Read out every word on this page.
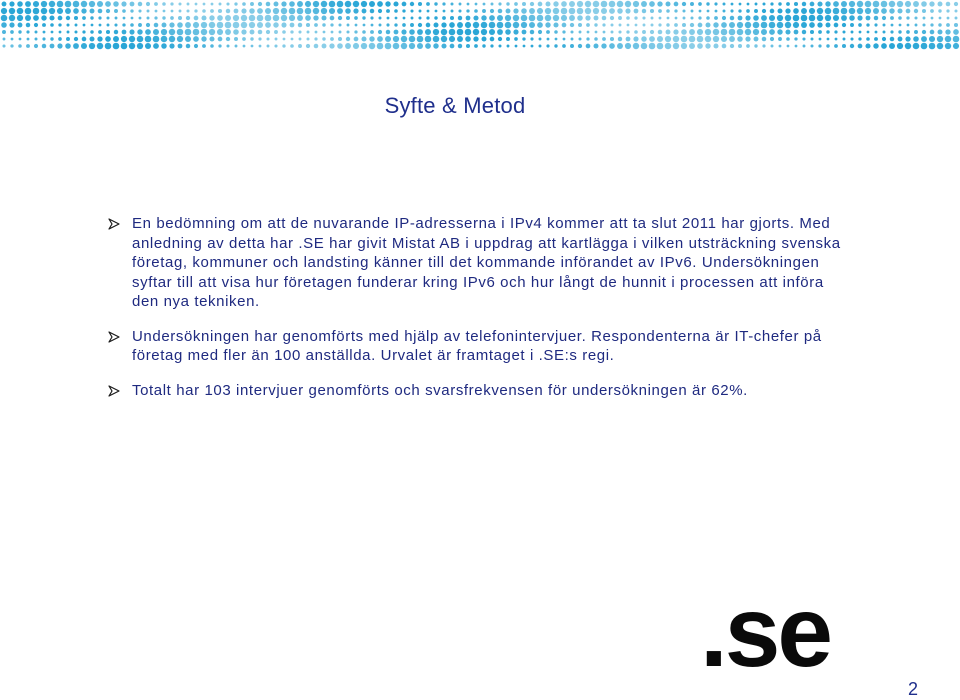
Syfte & Metod
En bedömning om att de nuvarande IP-adresserna i IPv4 kommer att ta slut 2011 har gjorts. Med anledning av detta har .SE har givit Mistat AB i uppdrag att kartlägga i vilken utsträckning svenska företag, kommuner och landsting känner till det kommande införandet av IPv6. Undersökningen syftar till att visa hur företagen funderar kring IPv6 och hur långt de hunnit i processen att införa den nya tekniken.
Undersökningen har genomförts med hjälp av telefonintervjuer. Respondenterna är IT-chefer på företag med fler än 100 anställda. Urvalet är framtaget i .SE:s regi.
Totalt har 103 intervjuer genomförts och svarsfrekvensen för undersökningen är 62%.
.se
2
